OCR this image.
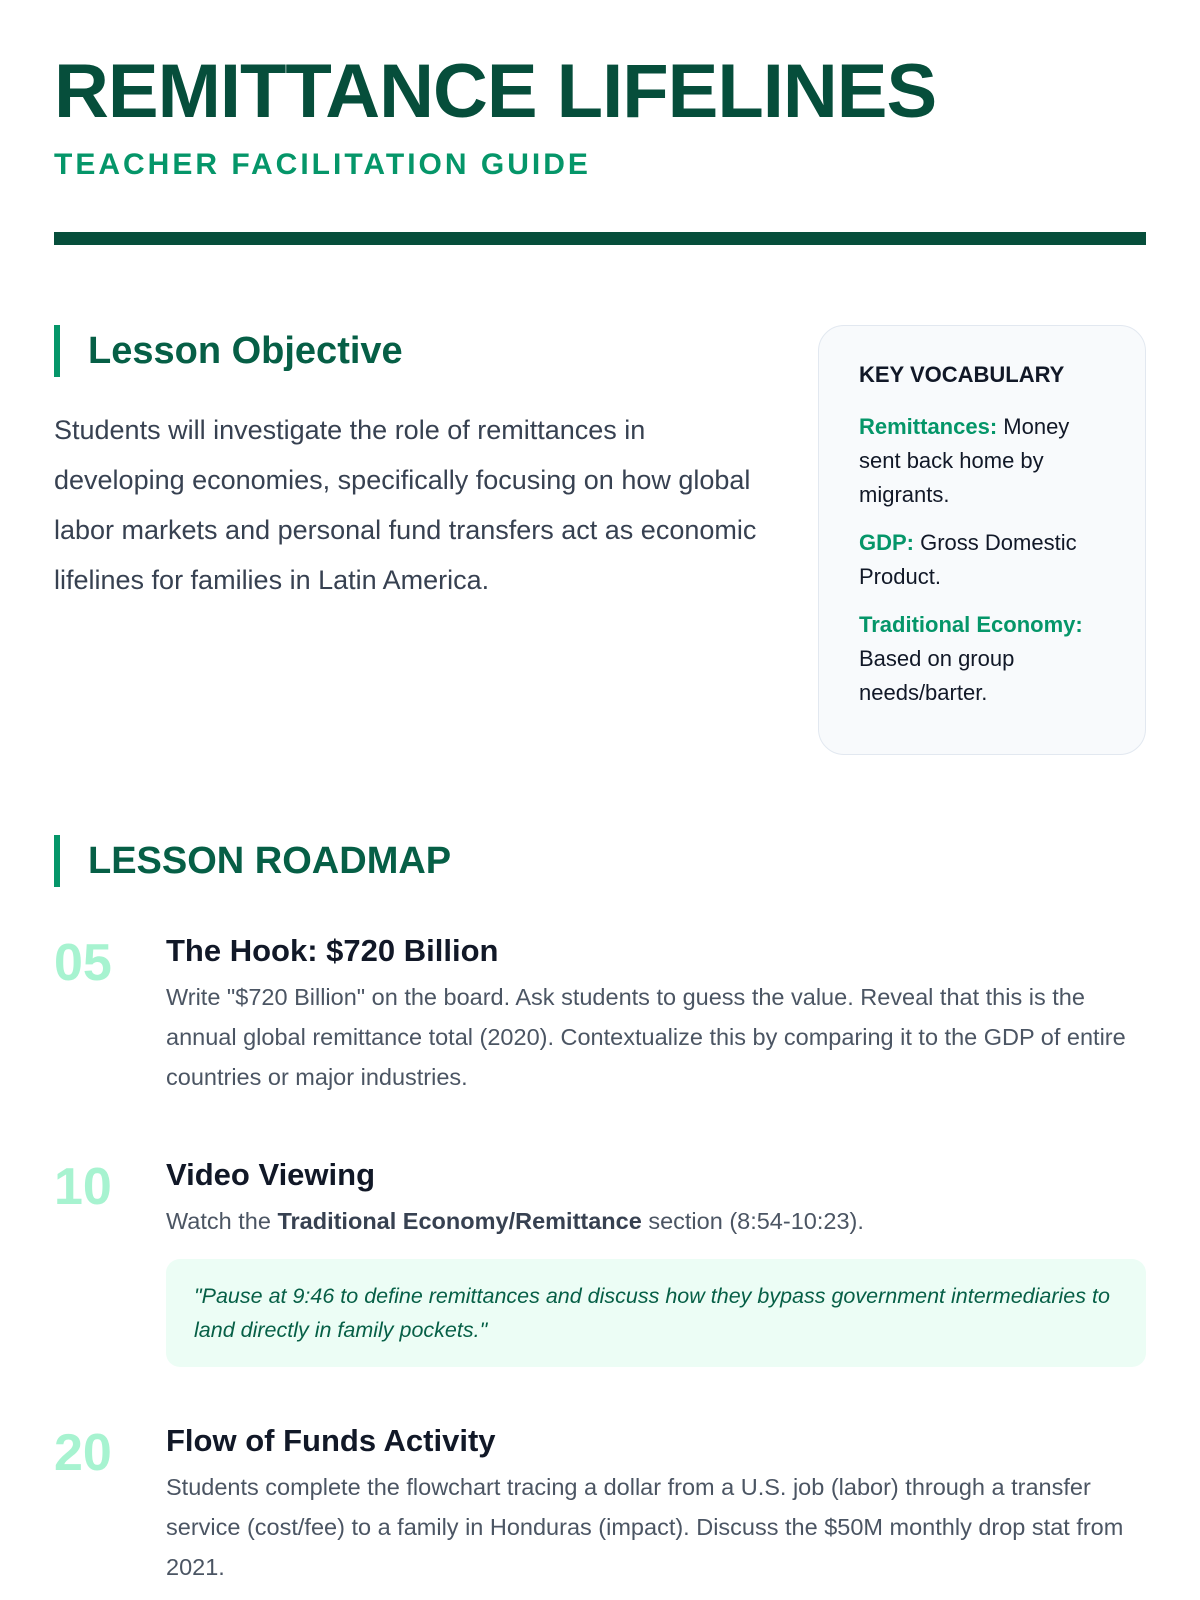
REMITTANCE LIFELINES
TEACHER FACILITATION GUIDE
Lesson Objective

Students will investigate the role of remittances in developing economies, specifically focusing on how global labor markets and personal fund transfers act as economic lifelines for families in Latin America.

KEY VOCABULARY

Remittances: Money sent back home by migrants.

GDP: Gross Domestic Product.

Traditional Economy: Based on group needs/barter.

LESSON ROADMAP
05 The Hook: $720 Billion

Write "$720 Billion" on the board. Ask students to guess the value. Reveal that this is the annual global remittance total (2020). Contextualize this by comparing it to the GDP of entire countries or major industries.

10 Video Viewing

Watch the Traditional Economy/Remittance section (8:54-10:23).

"Pause at 9:46 to define remittances and discuss how they bypass government intermediaries to land directly in family pockets."
20 Flow of Funds Activity

Students complete the flowchart tracing a dollar from a U.S. job (labor) through a transfer service (cost/fee) to a family in Honduras (impact). Discuss the $50M monthly drop stat from 2021.
